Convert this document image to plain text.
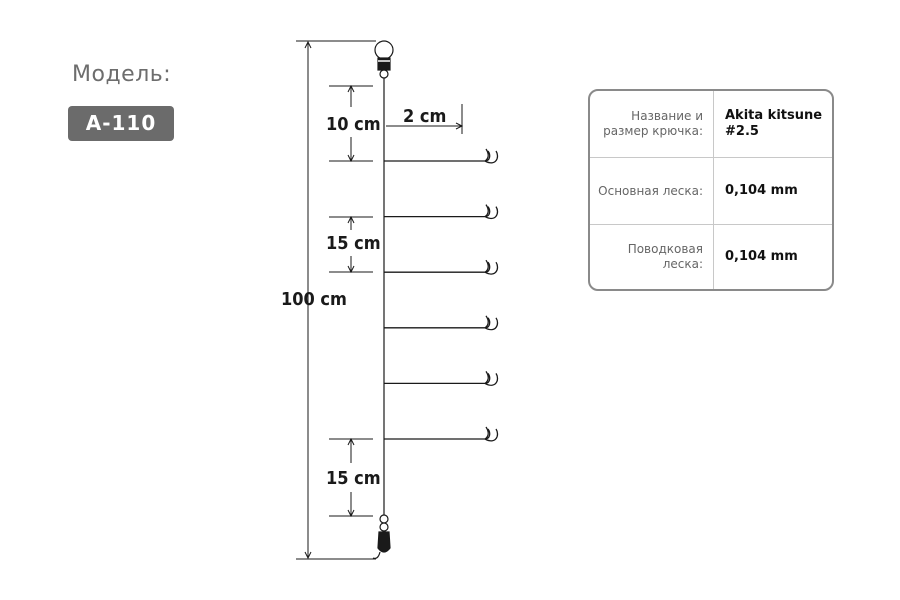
Модель:
A-110	10 cm 2 cm
15 cm
100 cm
15 cm
Название и размер крючка:
Akita kitsune #2.5
Основная леска:	0,104 mm
Поводковая леска:	0,104 mm
